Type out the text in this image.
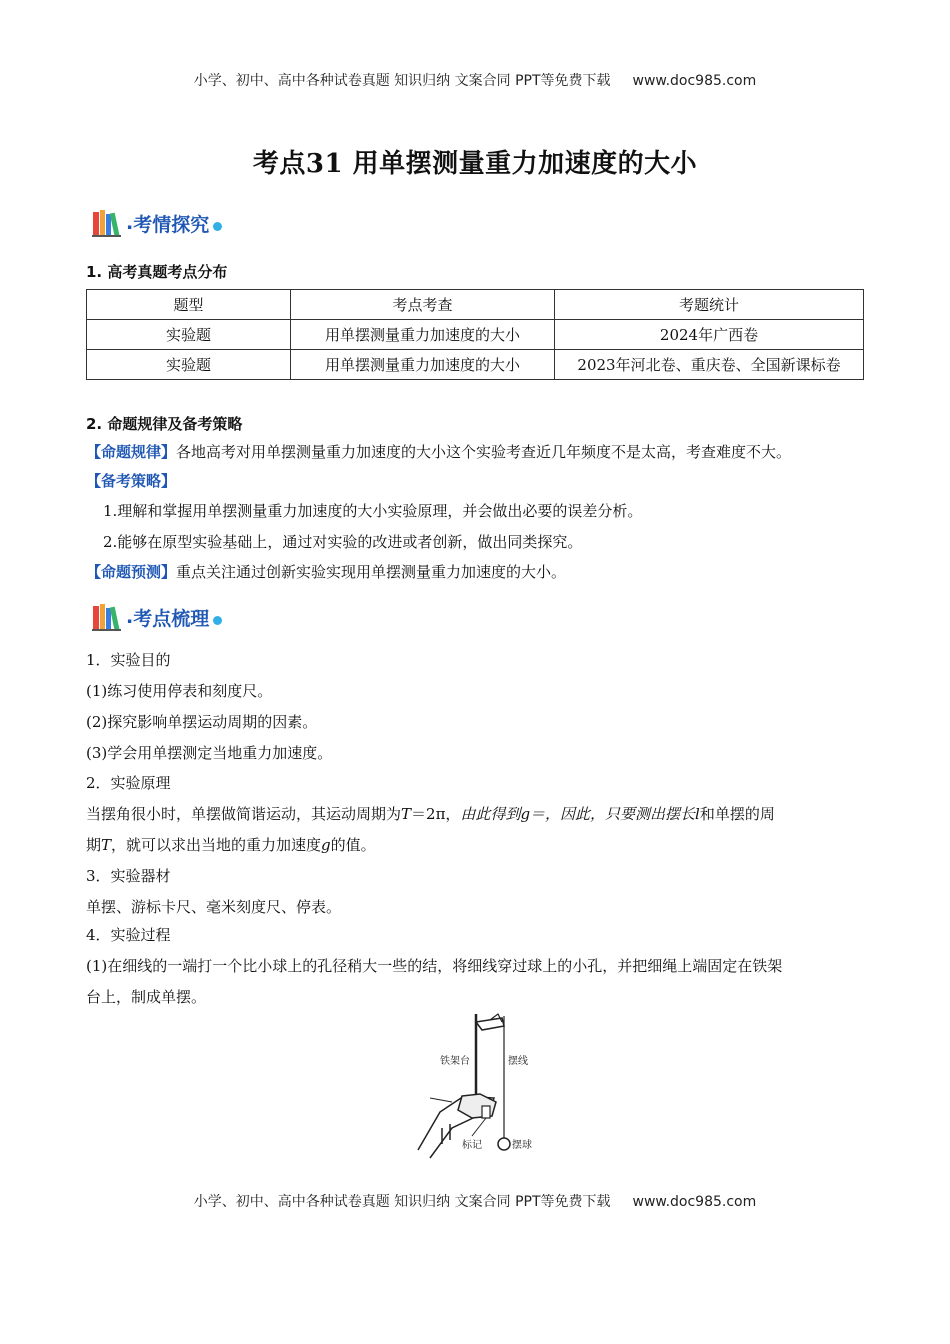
小学、初中、高中各种试卷真题 知识归纳 文案合同 PPT等免费下载 www.doc985.com
考点31 用单摆测量重力加速度的大小
. 考情探究
1. 高考真题考点分布
题型	考点考查	考题统计
实验题	用单摆测量重力加速度的大小	2024年广西卷
实验题	用单摆测量重力加速度的大小	2023年河北卷、重庆卷、全国新课标卷
2. 命题规律及备考策略
【命题规律】各地高考对用单摆测量重力加速度的大小这个实验考查近几年频度不是太高，考查难度不大。
【备考策略】
1.理解和掌握用单摆测量重力加速度的大小实验原理，并会做出必要的误差分析。
2.能够在原型实验基础上，通过对实验的改进或者创新，做出同类探究。
【命题预测】重点关注通过创新实验实现用单摆测量重力加速度的大小。
. 考点梳理
1．实验目的
(1)练习使用停表和刻度尺。
(2)探究影响单摆运动周期的因素。
(3)学会用单摆测定当地重力加速度。
2．实验原理
当摆角很小时，单摆做简谐运动，其运动周期为T＝2π，由此得到g＝，因此，只要测出摆长l和单摆的周
期T，就可以求出当地的重力加速度g的值。
3．实验器材
单摆、游标卡尺、毫米刻度尺、停表。
4．实验过程
(1)在细线的一端打一个比小球上的孔径稍大一些的结，将细线穿过球上的小孔，并把细绳上端固定在铁架
台上，制成单摆。
铁架台	摆线
标记	摆球
小学、初中、高中各种试卷真题 知识归纳 文案合同 PPT等免费下载 www.doc985.com
